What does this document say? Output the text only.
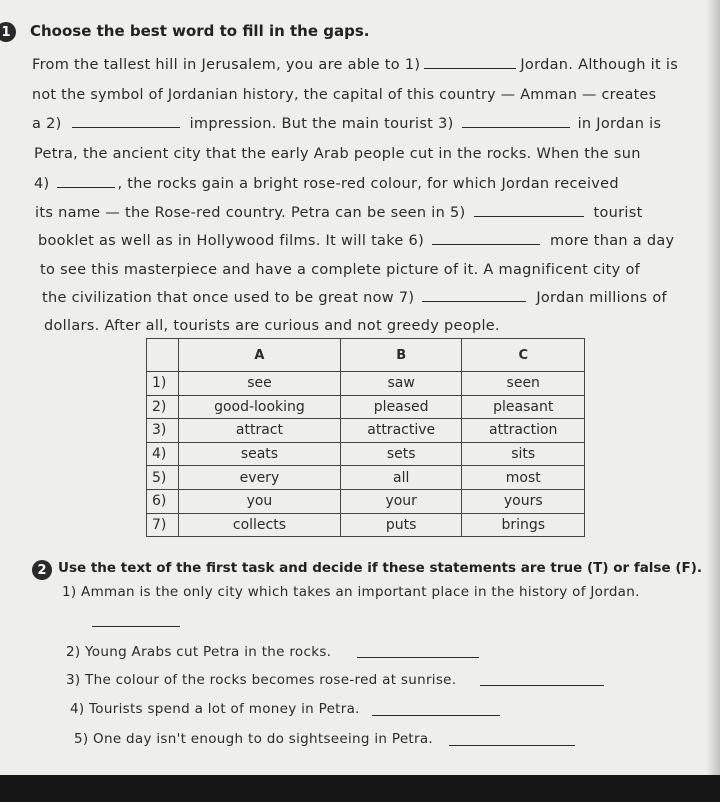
1	Choose the best word to fill in the gaps.
From the tallest hill in Jerusalem, you are able to 1)	Jordan. Although it is
not the symbol of Jordanian history, the capital of this country — Amman — creates
a 2)	impression. But the main tourist 3)	in Jordan is
Petra, the ancient city that the early Arab people cut in the rocks. When the sun
4)	, the rocks gain a bright rose-red colour, for which Jordan received
its name — the Rose-red country. Petra can be seen in 5)	tourist
booklet as well as in Hollywood films. It will take 6)	more than a day
to see this masterpiece and have a complete picture of it. A magnificent city of
the civilization that once used to be great now 7)	Jordan millions of
dollars. After all, tourists are curious and not greedy people.
	A	B	C
1)	see	saw	seen
2)	good-looking	pleased	pleasant
3)	attract	attractive	attraction
4)	seats	sets	sits
5)	every	all	most
6)	you	your	yours
7)	collects	puts	brings
2 Use the text of the first task and decide if these statements are true (T) or false (F).
1) Amman is the only city which takes an important place in the history of Jordan.
2) Young Arabs cut Petra in the rocks.
3) The colour of the rocks becomes rose-red at sunrise.
4) Tourists spend a lot of money in Petra.
5) One day isn't enough to do sightseeing in Petra.
